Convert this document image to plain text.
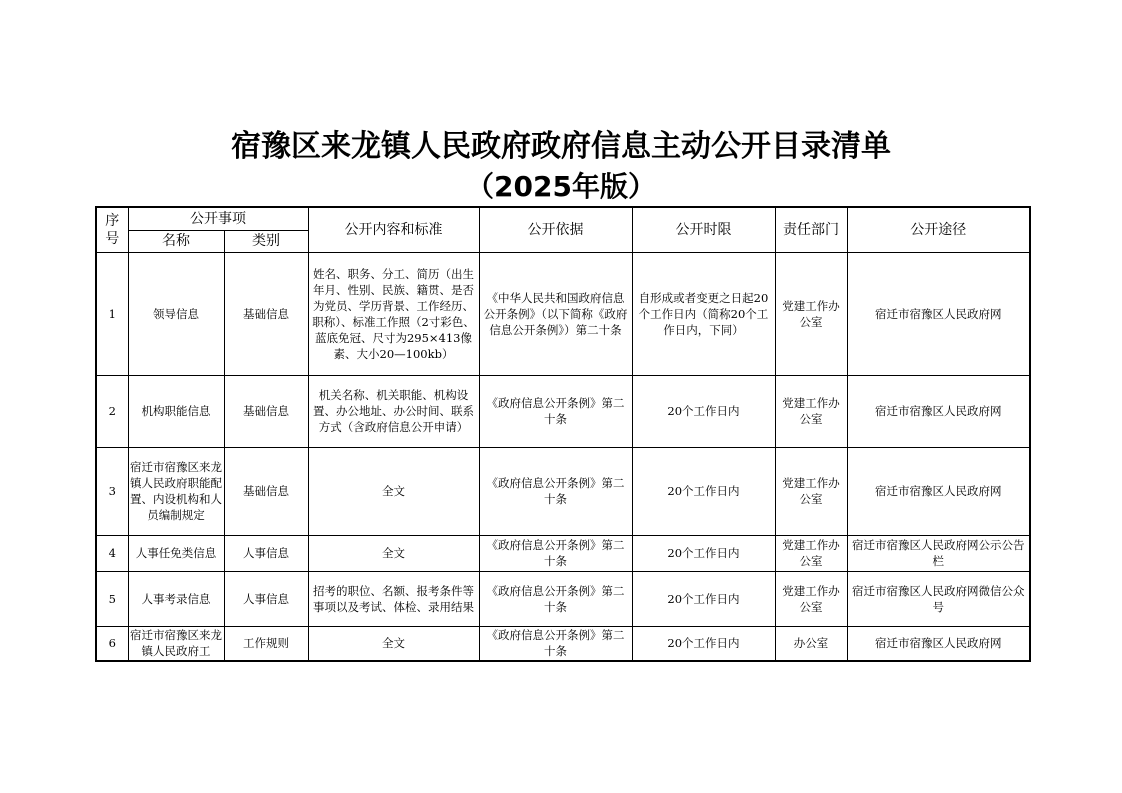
宿豫区来龙镇人民政府政府信息主动公开目录清单
（2025年版）
序号	公开事项		公开内容和标准	公开依据	公开时限	责任部门	公开途径
	名称	类别					
1	领导信息	基础信息	姓名、职务、分工、简历（出生年月、性别、民族、籍贯、是否为党员、学历背景、工作经历、职称）、标准工作照（2寸彩色、蓝底免冠、尺寸为295×413像素、大小20—100kb）	《中华人民共和国政府信息公开条例》（以下简称《政府信息公开条例》）第二十条	自形成或者变更之日起20个工作日内（简称20个工作日内，下同）	党建工作办公室	宿迁市宿豫区人民政府网
2	机构职能信息	基础信息	机关名称、机关职能、机构设置、办公地址、办公时间、联系方式（含政府信息公开申请）	《政府信息公开条例》第二十条	20个工作日内	党建工作办公室	宿迁市宿豫区人民政府网
3	宿迁市宿豫区来龙镇人民政府职能配置、内设机构和人员编制规定	基础信息	全文	《政府信息公开条例》第二十条	20个工作日内	党建工作办公室	宿迁市宿豫区人民政府网
4	人事任免类信息	人事信息	全文	《政府信息公开条例》第二十条	20个工作日内	党建工作办公室	宿迁市宿豫区人民政府网公示公告栏
5	人事考录信息	人事信息	招考的职位、名额、报考条件等事项以及考试、体检、录用结果	《政府信息公开条例》第二十条	20个工作日内	党建工作办公室	宿迁市宿豫区人民政府网微信公众号
6	宿迁市宿豫区来龙镇人民政府工	工作规则	全文	《政府信息公开条例》第二十条	20个工作日内	办公室	宿迁市宿豫区人民政府网
